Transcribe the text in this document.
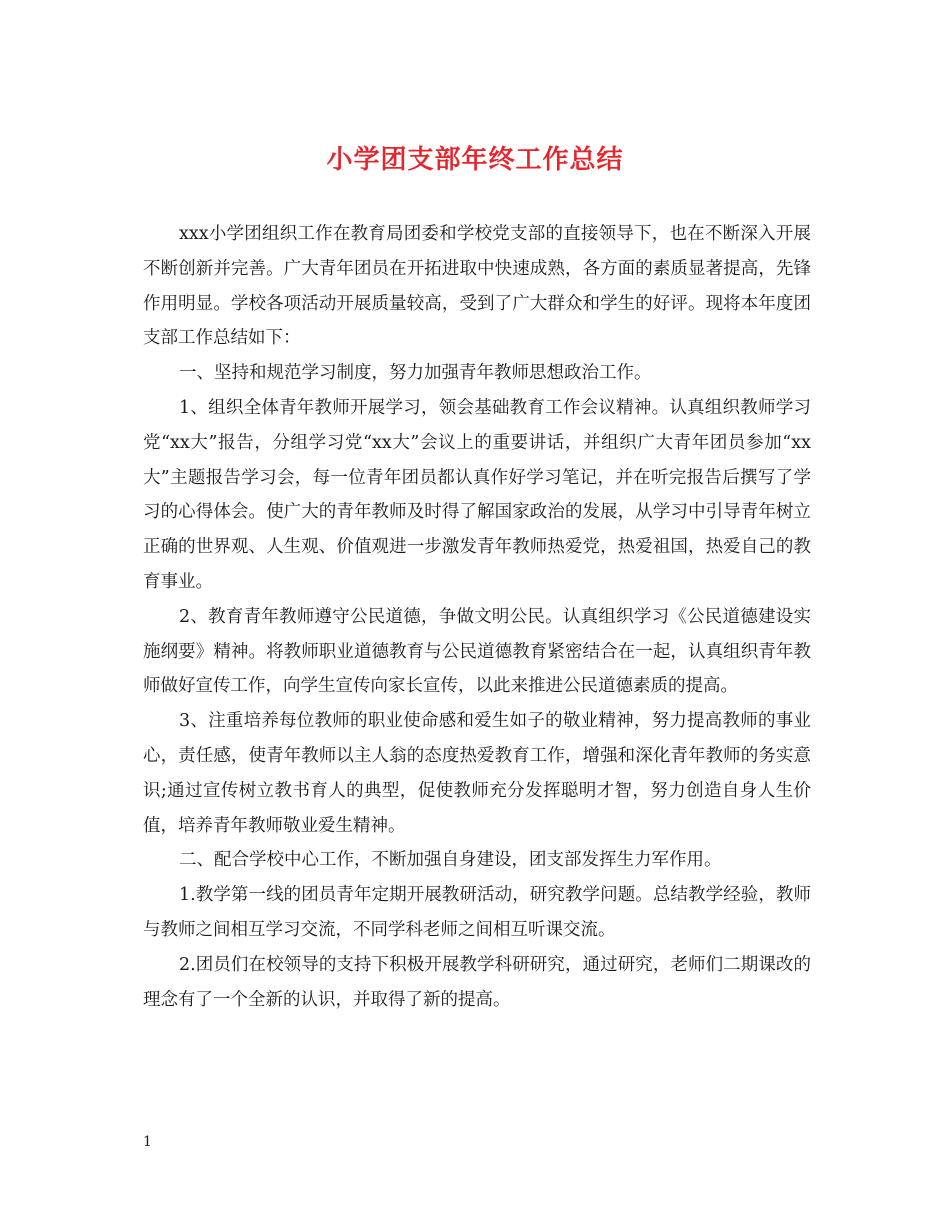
小学团支部年终工作总结

xxx小学团组织工作在教育局团委和学校党支部的直接领导下，也在不断深入开展不断创新并完善。广大青年团员在开拓进取中快速成熟，各方面的素质显著提高，先锋作用明显。学校各项活动开展质量较高，受到了广大群众和学生的好评。现将本年度团支部工作总结如下：

一、坚持和规范学习制度，努力加强青年教师思想政治工作。

1、组织全体青年教师开展学习，领会基础教育工作会议精神。认真组织教师学习党“xx大”报告，分组学习党“xx大”会议上的重要讲话，并组织广大青年团员参加“xx大”主题报告学习会，每一位青年团员都认真作好学习笔记，并在听完报告后撰写了学习的心得体会。使广大的青年教师及时得了解国家政治的发展，从学习中引导青年树立正确的世界观、人生观、价值观进一步激发青年教师热爱党，热爱祖国，热爱自己的教育事业。

2、教育青年教师遵守公民道德，争做文明公民。认真组织学习《公民道德建设实施纲要》精神。将教师职业道德教育与公民道德教育紧密结合在一起，认真组织青年教师做好宣传工作，向学生宣传向家长宣传，以此来推进公民道德素质的提高。

3、注重培养每位教师的职业使命感和爱生如子的敬业精神，努力提高教师的事业心，责任感，使青年教师以主人翁的态度热爱教育工作，增强和深化青年教师的务实意识;通过宣传树立教书育人的典型，促使教师充分发挥聪明才智，努力创造自身人生价值，培养青年教师敬业爱生精神。

二、配合学校中心工作，不断加强自身建设，团支部发挥生力军作用。

1.教学第一线的团员青年定期开展教研活动，研究教学问题。总结教学经验，教师与教师之间相互学习交流，不同学科老师之间相互听课交流。

2.团员们在校领导的支持下积极开展教学科研研究，通过研究，老师们二期课改的理念有了一个全新的认识，并取得了新的提高。

1
